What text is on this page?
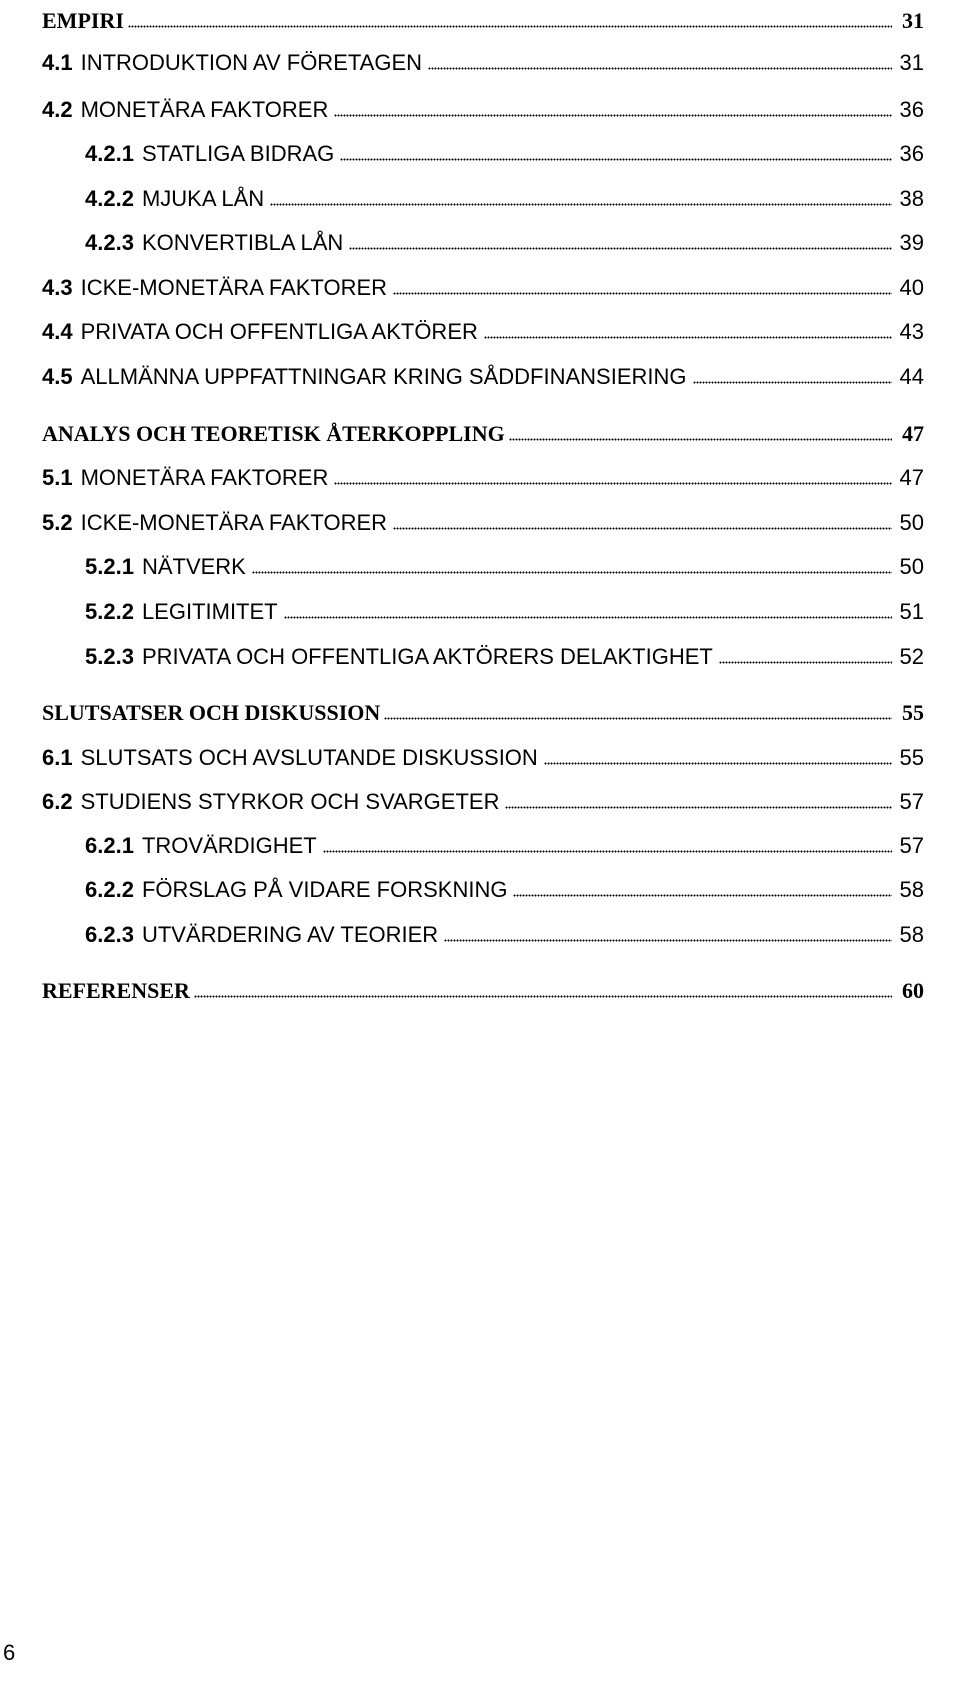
EMPIRI	31
4.1 INTRODUKTION AV FÖRETAGEN	31
4.2 MONETÄRA FAKTORER	36
4.2.1 STATLIGA BIDRAG	36
4.2.2 MJUKA LÅN	38
4.2.3 KONVERTIBLA LÅN	39
4.3 ICKE-MONETÄRA FAKTORER	40
4.4 PRIVATA OCH OFFENTLIGA AKTÖRER	43
4.5 ALLMÄNNA UPPFATTNINGAR KRING SÅDDFINANSIERING	44
ANALYS OCH TEORETISK ÅTERKOPPLING	47
5.1 MONETÄRA FAKTORER	47
5.2 ICKE-MONETÄRA FAKTORER	50
5.2.1 NÄTVERK	50
5.2.2 LEGITIMITET	51
5.2.3 PRIVATA OCH OFFENTLIGA AKTÖRERS DELAKTIGHET	52
SLUTSATSER OCH DISKUSSION	55
6.1 SLUTSATS OCH AVSLUTANDE DISKUSSION	55
6.2 STUDIENS STYRKOR OCH SVARGETER	57
6.2.1 TROVÄRDIGHET	57
6.2.2 FÖRSLAG PÅ VIDARE FORSKNING	58
6.2.3 UTVÄRDERING AV TEORIER	58
REFERENSER	60
6
